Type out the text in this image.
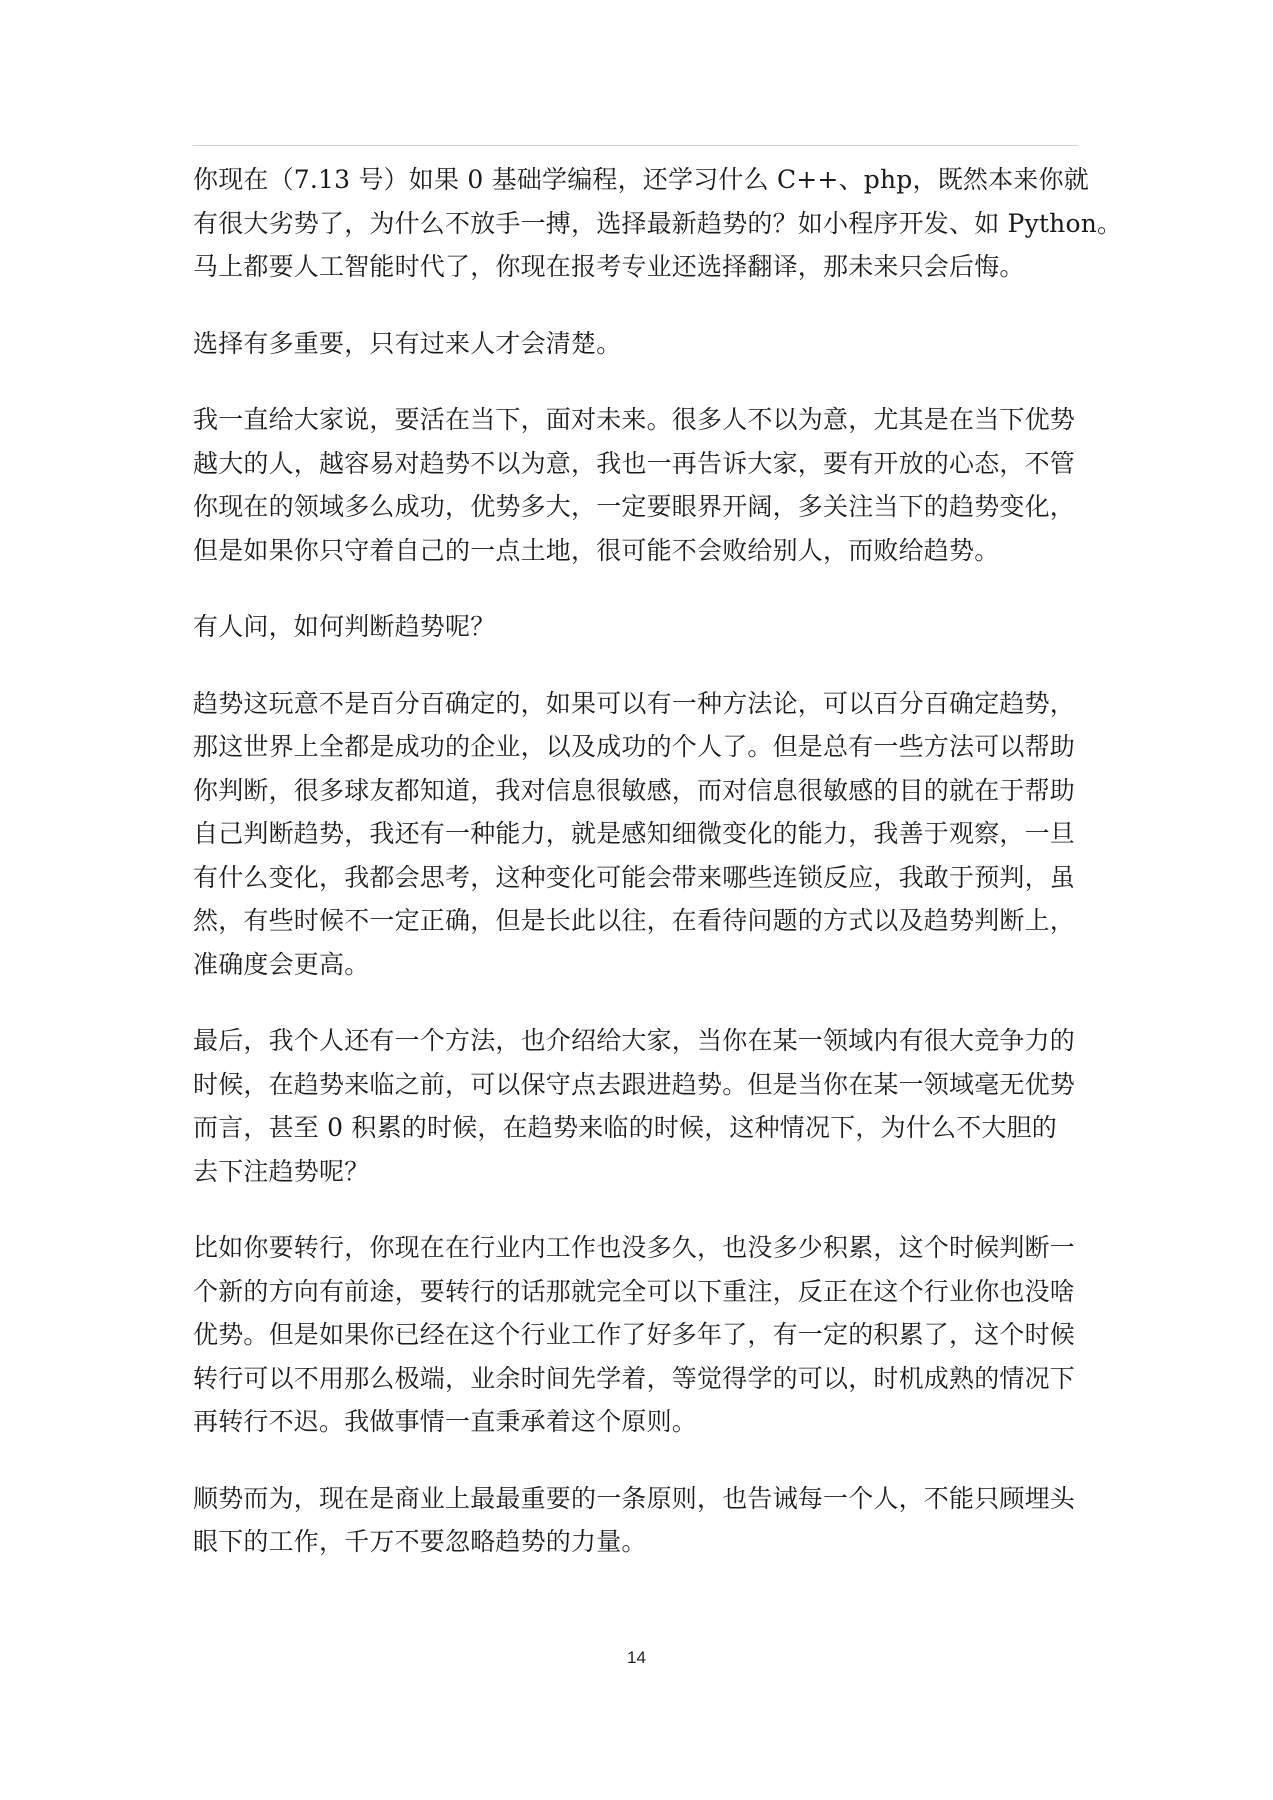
你现在（7.13 号）如果 0 基础学编程，还学习什么 C++、php，既然本来你就
有很大劣势了，为什么不放手一搏，选择最新趋势的？如小程序开发、如 Python。
马上都要人工智能时代了，你现在报考专业还选择翻译，那未来只会后悔。

选择有多重要，只有过来人才会清楚。

我一直给大家说，要活在当下，面对未来。很多人不以为意，尤其是在当下优势
越大的人，越容易对趋势不以为意，我也一再告诉大家，要有开放的心态，不管
你现在的领域多么成功，优势多大，一定要眼界开阔，多关注当下的趋势变化，
但是如果你只守着自己的一点土地，很可能不会败给别人，而败给趋势。

有人问，如何判断趋势呢？

趋势这玩意不是百分百确定的，如果可以有一种方法论，可以百分百确定趋势，
那这世界上全都是成功的企业，以及成功的个人了。但是总有一些方法可以帮助
你判断，很多球友都知道，我对信息很敏感，而对信息很敏感的目的就在于帮助
自己判断趋势，我还有一种能力，就是感知细微变化的能力，我善于观察，一旦
有什么变化，我都会思考，这种变化可能会带来哪些连锁反应，我敢于预判，虽
然，有些时候不一定正确，但是长此以往，在看待问题的方式以及趋势判断上，
准确度会更高。

最后，我个人还有一个方法，也介绍给大家，当你在某一领域内有很大竞争力的
时候，在趋势来临之前，可以保守点去跟进趋势。但是当你在某一领域毫无优势
而言，甚至 0 积累的时候，在趋势来临的时候，这种情况下，为什么不大胆的
去下注趋势呢？

比如你要转行，你现在在行业内工作也没多久，也没多少积累，这个时候判断一
个新的方向有前途，要转行的话那就完全可以下重注，反正在这个行业你也没啥
优势。但是如果你已经在这个行业工作了好多年了，有一定的积累了，这个时候
转行可以不用那么极端，业余时间先学着，等觉得学的可以，时机成熟的情况下
再转行不迟。我做事情一直秉承着这个原则。

顺势而为，现在是商业上最最重要的一条原则，也告诫每一个人，不能只顾埋头
眼下的工作，千万不要忽略趋势的力量。

14
